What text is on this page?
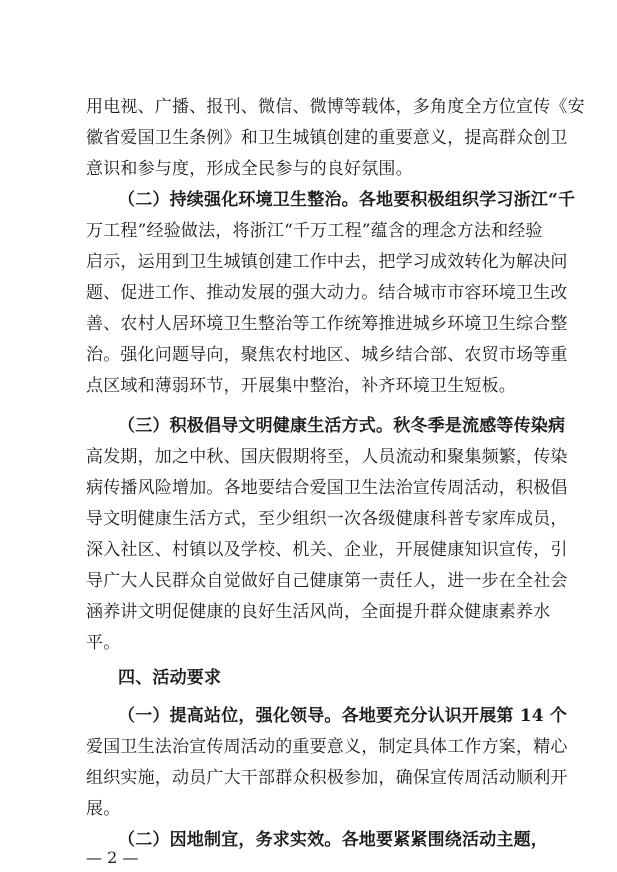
用电视、广播、报刊、微信、微博等载体，多角度全方位宣传《安
徽省爱国卫生条例》和卫生城镇创建的重要意义，提高群众创卫
意识和参与度，形成全民参与的良好氛围。
（二）持续强化环境卫生整治。各地要积极组织学习浙江“千
万工程”经验做法，将浙江“千万工程”蕴含的理念方法和经验
启示，运用到卫生城镇创建工作中去，把学习成效转化为解决问
题、促进工作、推动发展的强大动力。结合城市市容环境卫生改
善、农村人居环境卫生整治等工作统筹推进城乡环境卫生综合整
治。强化问题导向，聚焦农村地区、城乡结合部、农贸市场等重
点区域和薄弱环节，开展集中整治，补齐环境卫生短板。
（三）积极倡导文明健康生活方式。秋冬季是流感等传染病
高发期，加之中秋、国庆假期将至，人员流动和聚集频繁，传染
病传播风险增加。各地要结合爱国卫生法治宣传周活动，积极倡
导文明健康生活方式，至少组织一次各级健康科普专家库成员，
深入社区、村镇以及学校、机关、企业，开展健康知识宣传，引
导广大人民群众自觉做好自己健康第一责任人，进一步在全社会
涵养讲文明促健康的良好生活风尚，全面提升群众健康素养水
平。
四、活动要求
（一）提高站位，强化领导。各地要充分认识开展第 14 个
爱国卫生法治宣传周活动的重要意义，制定具体工作方案，精心
组织实施，动员广大干部群众积极参加，确保宣传周活动顺利开
展。
（二）因地制宜，务求实效。各地要紧紧围绕活动主题，
— 2 —
